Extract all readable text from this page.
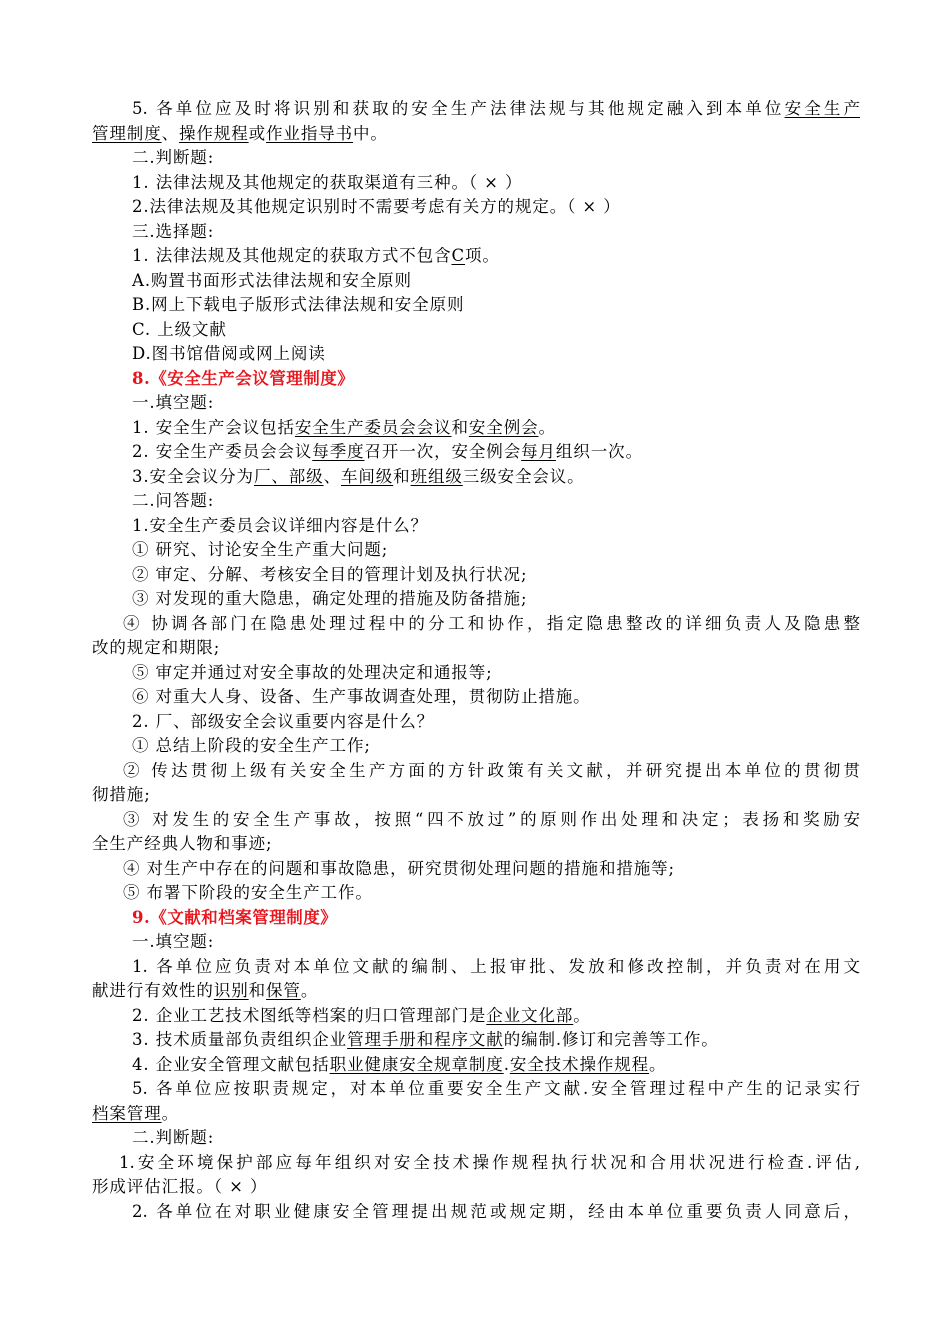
5. 各单位应及时将识别和获取的安全生产法律法规与其他规定融入到本单位安全生产
管理制度、操作规程或作业指导书中。
二.判断题:
1. 法律法规及其他规定的获取渠道有三种。（ × ）
2.法律法规及其他规定识别时不需要考虑有关方的规定。（ × ）
三.选择题:
1. 法律法规及其他规定的获取方式不包含C项。
A.购置书面形式法律法规和安全原则
B.网上下载电子版形式法律法规和安全原则
C. 上级文献
D.图书馆借阅或网上阅读
8.《安全生产会议管理制度》
一.填空题:
1. 安全生产会议包括安全生产委员会会议和安全例会。
2. 安全生产委员会会议每季度召开一次，安全例会每月组织一次。
3.安全会议分为厂、部级、车间级和班组级三级安全会议。
二.问答题:
1.安全生产委员会议详细内容是什么？
① 研究、讨论安全生产重大问题;
② 审定、分解、考核安全目的管理计划及执行状况;
③ 对发现的重大隐患，确定处理的措施及防备措施;
④ 协调各部门在隐患处理过程中的分工和协作，指定隐患整改的详细负责人及隐患整
改的规定和期限;
⑤ 审定并通过对安全事故的处理决定和通报等;
⑥ 对重大人身、设备、生产事故调查处理，贯彻防止措施。
2. 厂、部级安全会议重要内容是什么？
① 总结上阶段的安全生产工作;
② 传达贯彻上级有关安全生产方面的方针政策有关文献，并研究提出本单位的贯彻贯
彻措施;
③ 对发生的安全生产事故，按照“四不放过”的原则作出处理和决定；表扬和奖励安
全生产经典人物和事迹;
④ 对生产中存在的问题和事故隐患，研究贯彻处理问题的措施和措施等;
⑤ 布署下阶段的安全生产工作。
9.《文献和档案管理制度》
一.填空题:
1. 各单位应负责对本单位文献的编制、上报审批、发放和修改控制，并负责对在用文
献进行有效性的识别和保管。
2. 企业工艺技术图纸等档案的归口管理部门是企业文化部。
3. 技术质量部负责组织企业管理手册和程序文献的编制.修订和完善等工作。
4. 企业安全管理文献包括职业健康安全规章制度.安全技术操作规程。
5. 各单位应按职责规定，对本单位重要安全生产文献.安全管理过程中产生的记录实行
档案管理。
二.判断题:
1.安全环境保护部应每年组织对安全技术操作规程执行状况和合用状况进行检查.评估,
形成评估汇报。（ × ）
2. 各单位在对职业健康安全管理提出规范或规定期，经由本单位重要负责人同意后，
